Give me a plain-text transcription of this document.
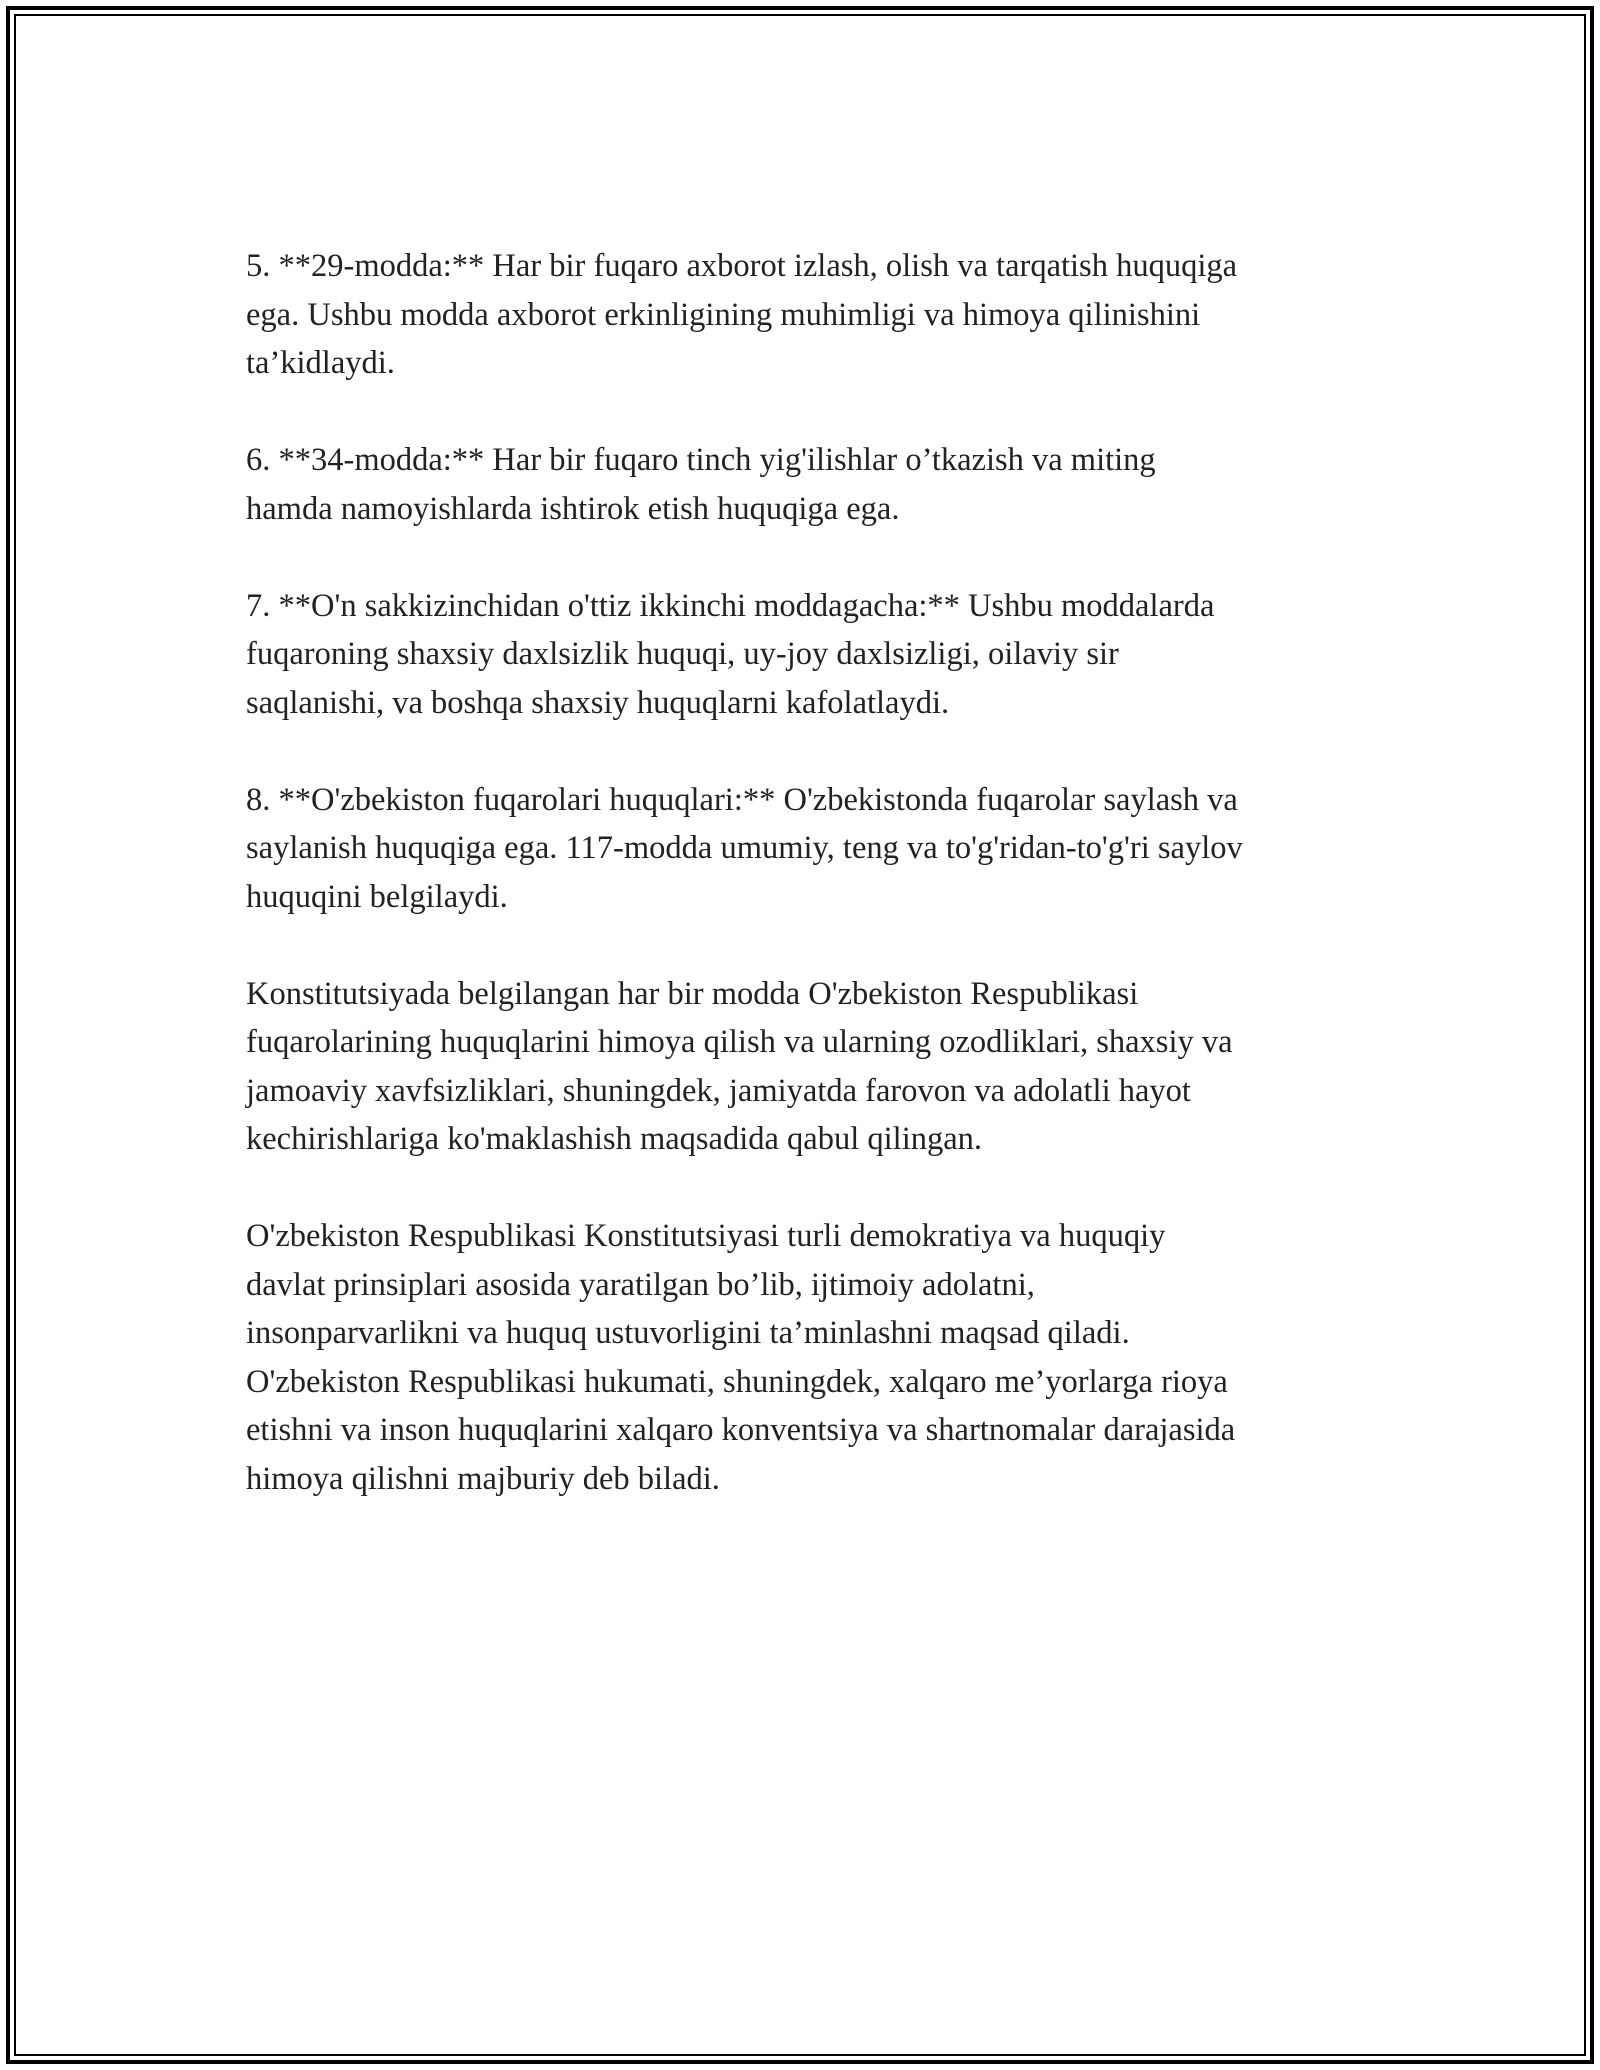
5. **29-modda:** Har bir fuqaro axborot izlash, olish va tarqatish huquqiga
ega. Ushbu modda axborot erkinligining muhimligi va himoya qilinishini
ta’kidlaydi.

6. **34-modda:** Har bir fuqaro tinch yig'ilishlar o’tkazish va miting
hamda namoyishlarda ishtirok etish huquqiga ega.

7. **O'n sakkizinchidan o'ttiz ikkinchi moddagacha:** Ushbu moddalarda
fuqaroning shaxsiy daxlsizlik huquqi, uy-joy daxlsizligi, oilaviy sir
saqlanishi, va boshqa shaxsiy huquqlarni kafolatlaydi.

8. **O'zbekiston fuqarolari huquqlari:** O'zbekistonda fuqarolar saylash va
saylanish huquqiga ega. 117-modda umumiy, teng va to'g'ridan-to'g'ri saylov
huquqini belgilaydi.

Konstitutsiyada belgilangan har bir modda O'zbekiston Respublikasi
fuqarolarining huquqlarini himoya qilish va ularning ozodliklari, shaxsiy va
jamoaviy xavfsizliklari, shuningdek, jamiyatda farovon va adolatli hayot
kechirishlariga ko'maklashish maqsadida qabul qilingan.

O'zbekiston Respublikasi Konstitutsiyasi turli demokratiya va huquqiy
davlat prinsiplari asosida yaratilgan bo’lib, ijtimoiy adolatni,
insonparvarlikni va huquq ustuvorligini ta’minlashni maqsad qiladi.
O'zbekiston Respublikasi hukumati, shuningdek, xalqaro me’yorlarga rioya
etishni va inson huquqlarini xalqaro konventsiya va shartnomalar darajasida
himoya qilishni majburiy deb biladi.
